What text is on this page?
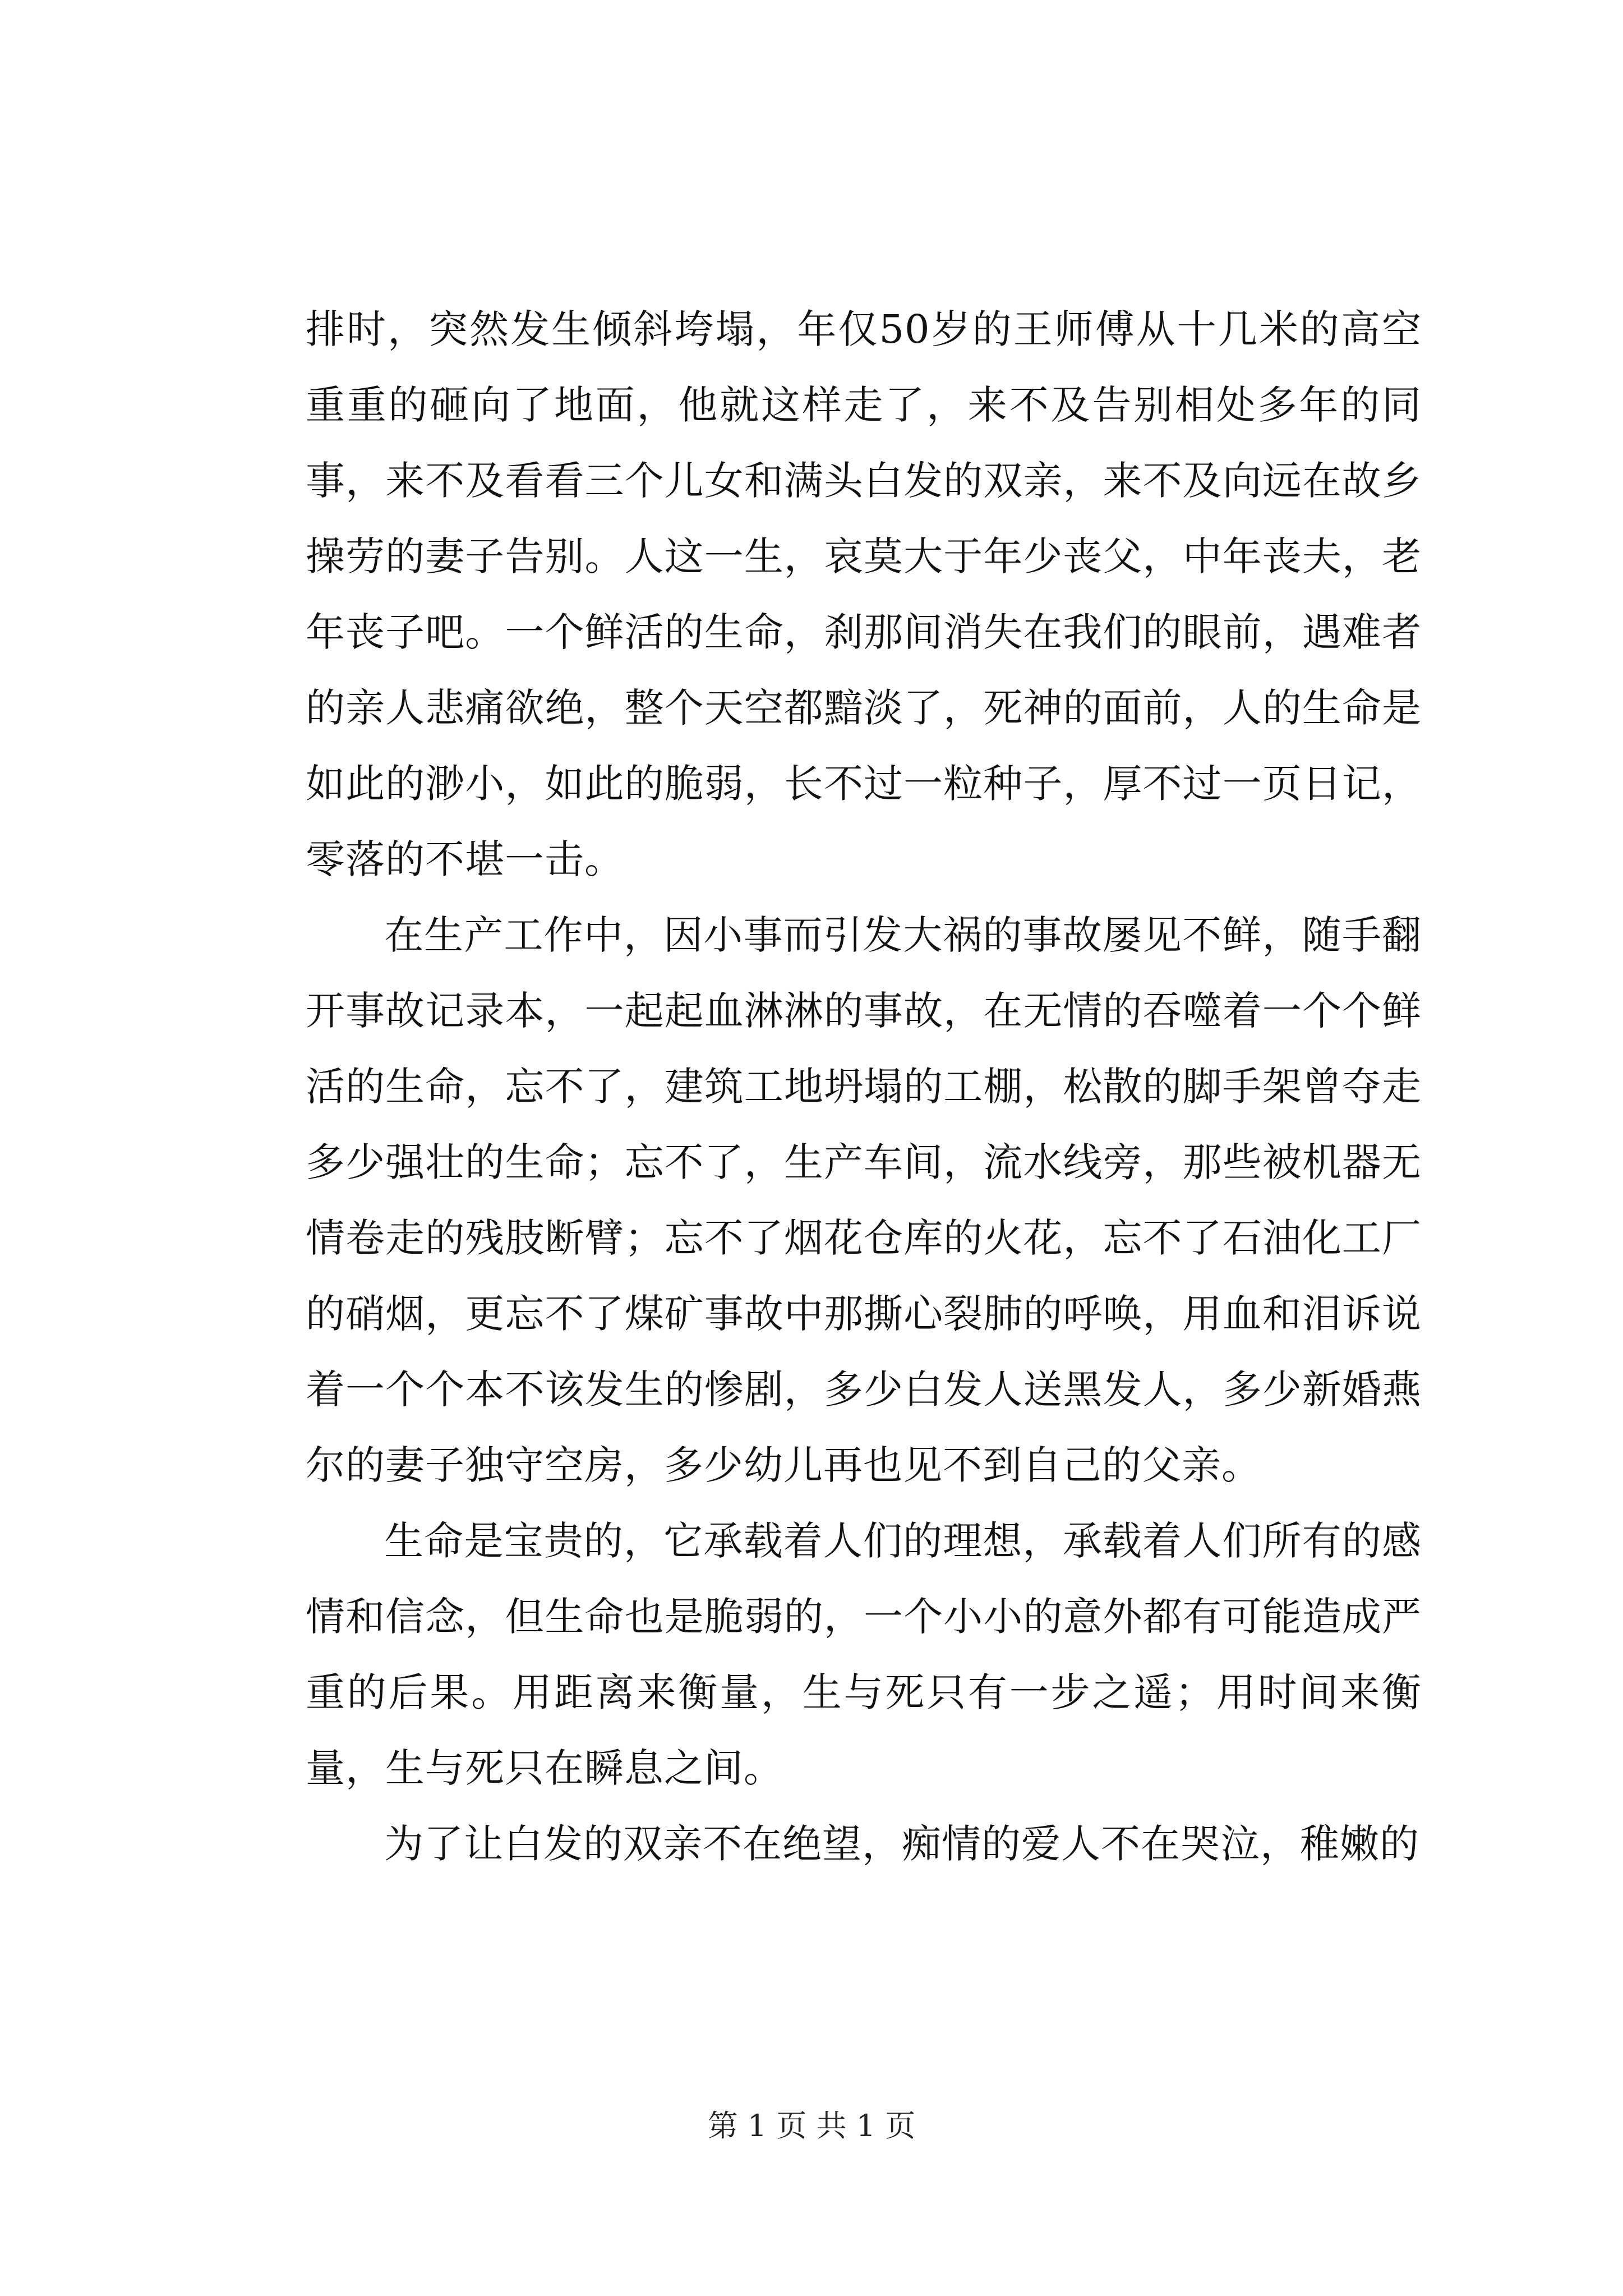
排时，突然发生倾斜垮塌，年仅50岁的王师傅从十几米的高空重重的砸向了地面，他就这样走了，来不及告别相处多年的同事，来不及看看三个儿女和满头白发的双亲，来不及向远在故乡操劳的妻子告别。人这一生，哀莫大于年少丧父，中年丧夫，老年丧子吧。一个鲜活的生命，刹那间消失在我们的眼前，遇难者的亲人悲痛欲绝，整个天空都黯淡了，死神的面前，人的生命是如此的渺小，如此的脆弱，长不过一粒种子，厚不过一页日记，零落的不堪一击。

在生产工作中，因小事而引发大祸的事故屡见不鲜，随手翻开事故记录本，一起起血淋淋的事故，在无情的吞噬着一个个鲜活的生命，忘不了，建筑工地坍塌的工棚，松散的脚手架曾夺走多少强壮的生命；忘不了，生产车间，流水线旁，那些被机器无情卷走的残肢断臂；忘不了烟花仓库的火花，忘不了石油化工厂的硝烟，更忘不了煤矿事故中那撕心裂肺的呼唤，用血和泪诉说着一个个本不该发生的惨剧，多少白发人送黑发人，多少新婚燕尔的妻子独守空房，多少幼儿再也见不到自己的父亲。

生命是宝贵的，它承载着人们的理想，承载着人们所有的感情和信念，但生命也是脆弱的，一个小小的意外都有可能造成严重的后果。用距离来衡量，生与死只有一步之遥；用时间来衡量，生与死只在瞬息之间。

为了让白发的双亲不在绝望，痴情的爱人不在哭泣，稚嫩的

第 1 页 共 1 页
